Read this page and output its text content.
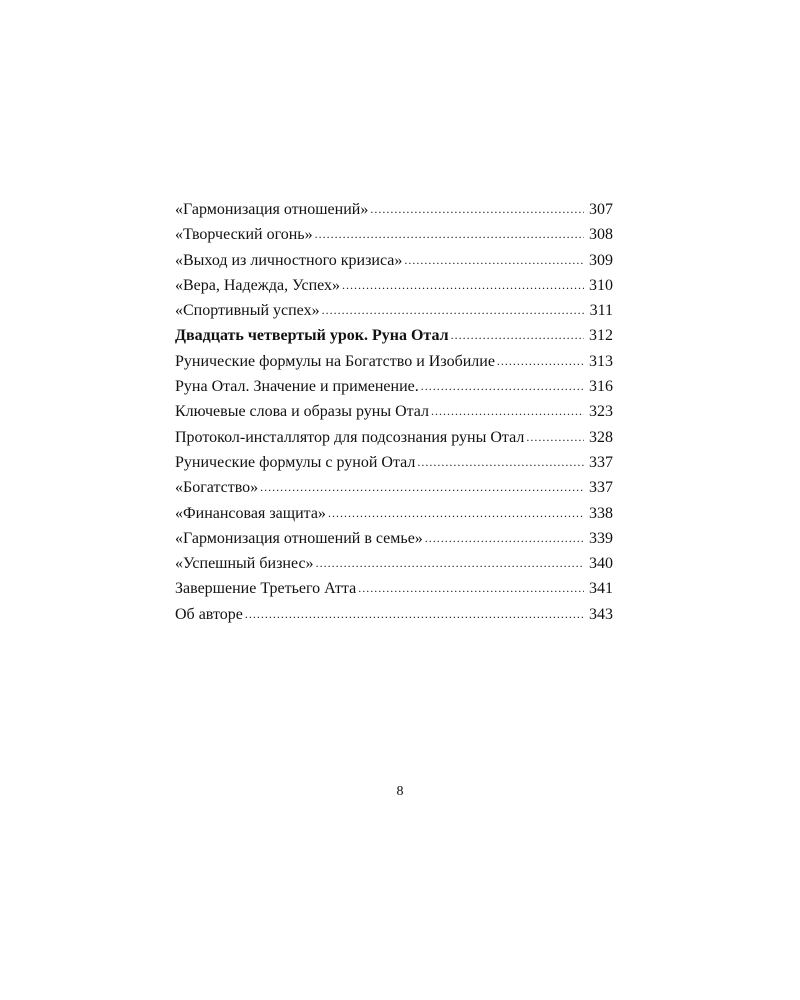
«Гармонизация отношений» .....	307
«Творческий огонь» .....	308
«Выход из личностного кризиса» .....	309
«Вера, Надежда, Успех» .....	310
«Спортивный успех» .....	311
Двадцать четвертый урок. Руна Отал .....	312
Рунические формулы на Богатство и Изобилие .....	313
Руна Отал. Значение и применение. .....	316
Ключевые слова и образы руны Отал .....	323
Протокол-инсталлятор для подсознания руны Отал .....	328
Рунические формулы с руной Отал .....	337
«Богатство» .....	337
«Финансовая защита» .....	338
«Гармонизация отношений в семье» .....	339
«Успешный бизнес» .....	340
Завершение Третьего Атта .....	341
Об авторе .....	343
8
